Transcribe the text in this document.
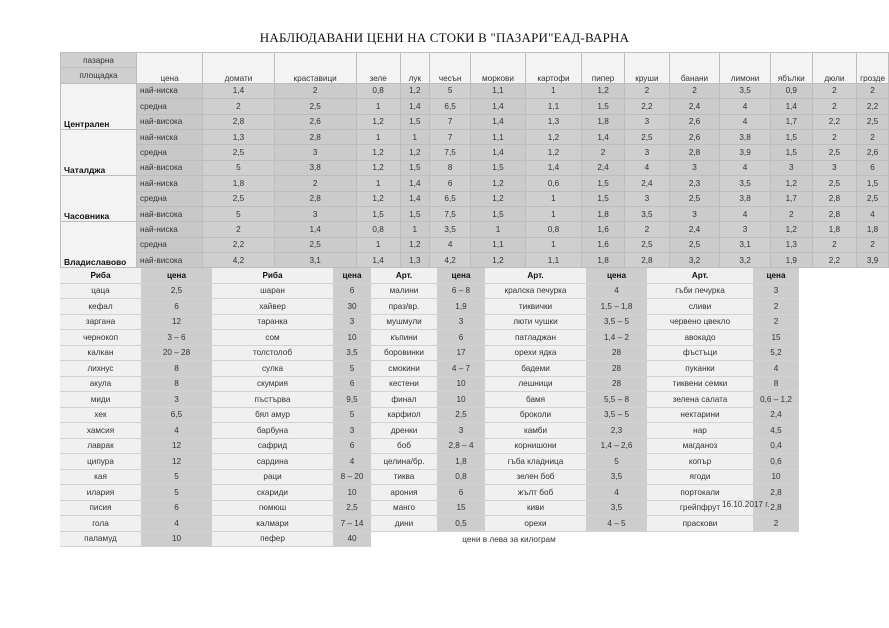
НАБЛЮДАВАНИ ЦЕНИ НА СТОКИ В "ПАЗАРИ"ЕАД-ВАРНА
пазарна	цена	домати	краставици	зеле	лук	чесън	моркови	картофи	пипер	круши	банани	лимони	ябълки	дюли	грозде
площадка															
Централен	най-ниска	1,4	2	0,8	1,2	5	1,1	1	1,2	2	2	3,5	0,9	2	2
	средна	2	2,5	1	1,4	6,5	1,4	1,1	1,5	2,2	2,4	4	1,4	2	2,2
	най-висока	2,8	2,6	1,2	1,5	7	1,4	1,3	1,8	3	2,6	4	1,7	2,2	2,5
Чаталджа	най-ниска	1,3	2,8	1	1	7	1,1	1,2	1,4	2,5	2,6	3,8	1,5	2	2
	средна	2,5	3	1,2	1,2	7,5	1,4	1,2	2	3	2,8	3,9	1,5	2,5	2,6
	най-висока	5	3,8	1,2	1,5	8	1,5	1,4	2,4	4	3	4	3	3	6
Часовника	най-ниска	1,8	2	1	1,4	6	1,2	0,6	1,5	2,4	2,3	3,5	1,2	2,5	1,5
	средна	2,5	2,8	1,2	1,4	6,5	1,2	1	1,5	3	2,5	3,8	1,7	2,8	2,5
	най-висока	5	3	1,5	1,5	7,5	1,5	1	1,8	3,5	3	4	2	2,8	4
Владиславово	най-ниска	2	1,4	0,8	1	3,5	1	0,8	1,6	2	2,4	3	1,2	1,8	1,8
	средна	2,2	2,5	1	1,2	4	1,1	1	1,6	2,5	2,5	3,1	1,3	2	2
	най-висока	4,2	3,1	1,4	1,3	4,2	1,2	1,1	1,8	2,8	3,2	3,2	1,9	2,2	3,9
Риба	цена	Риба	цена	Арт.	цена	Арт.	цена	Арт.	цена
цаца	2,5	шаран	6	малини	6 – 8	кралска печурка	4	гъби печурка	3
кефал	6	хайвер	30	праз/вр.	1,9	тиквички	1,5 – 1,8	сливи	2
заргана	12	таранка	3	мушмули	3	люти чушки	3,5 – 5	червено цвекло	2
чернокоп	3 – 6	сом	10	къпини	6	патладжан	1,4 – 2	авокадо	15
калкан	20 – 28	толстолоб	3,5	боровинки	17	орехи ядка	28	фъстъци	5,2
лихнус	8	сулка	5	смокини	4 – 7	бадеми	28	пуканки	4
акула	8	скумрия	6	кестени	10	лешници	28	тиквени семки	8
миди	3	пъстърва	9,5	финал	10	бамя	5,5 – 8	зелена салата	0,6 – 1,2
хек	6,5	бял амур	5	карфиол	2,5	броколи	3,5 – 5	нектарини	2,4
хамсия	4	барбуна	3	дренки	3	камби	2,3	нар	4,5
лаврак	12	сафрид	6	боб	2,8 – 4	корнишони	1,4 – 2,6	магданоз	0,4
ципура	12	сардина	4	целина/бр.	1,8	гъба кладница	5	копър	0,6
кая	5	раци	8 – 20	тиква	0,8	зелен боб	3,5	ягоди	10
илария	5	скариди	10	арония	6	жълт боб	4	портокали	2,8
писия	6	гюмюш	2,5	манго	15	киви	3,5	грейпфрут	2,8
гола	4	калмари	7 – 14	дини	0,5	орехи	4 – 5	праскови	2
паламуд	10	пефер	40	цени в лева за килограм					
16.10.2017 г.
